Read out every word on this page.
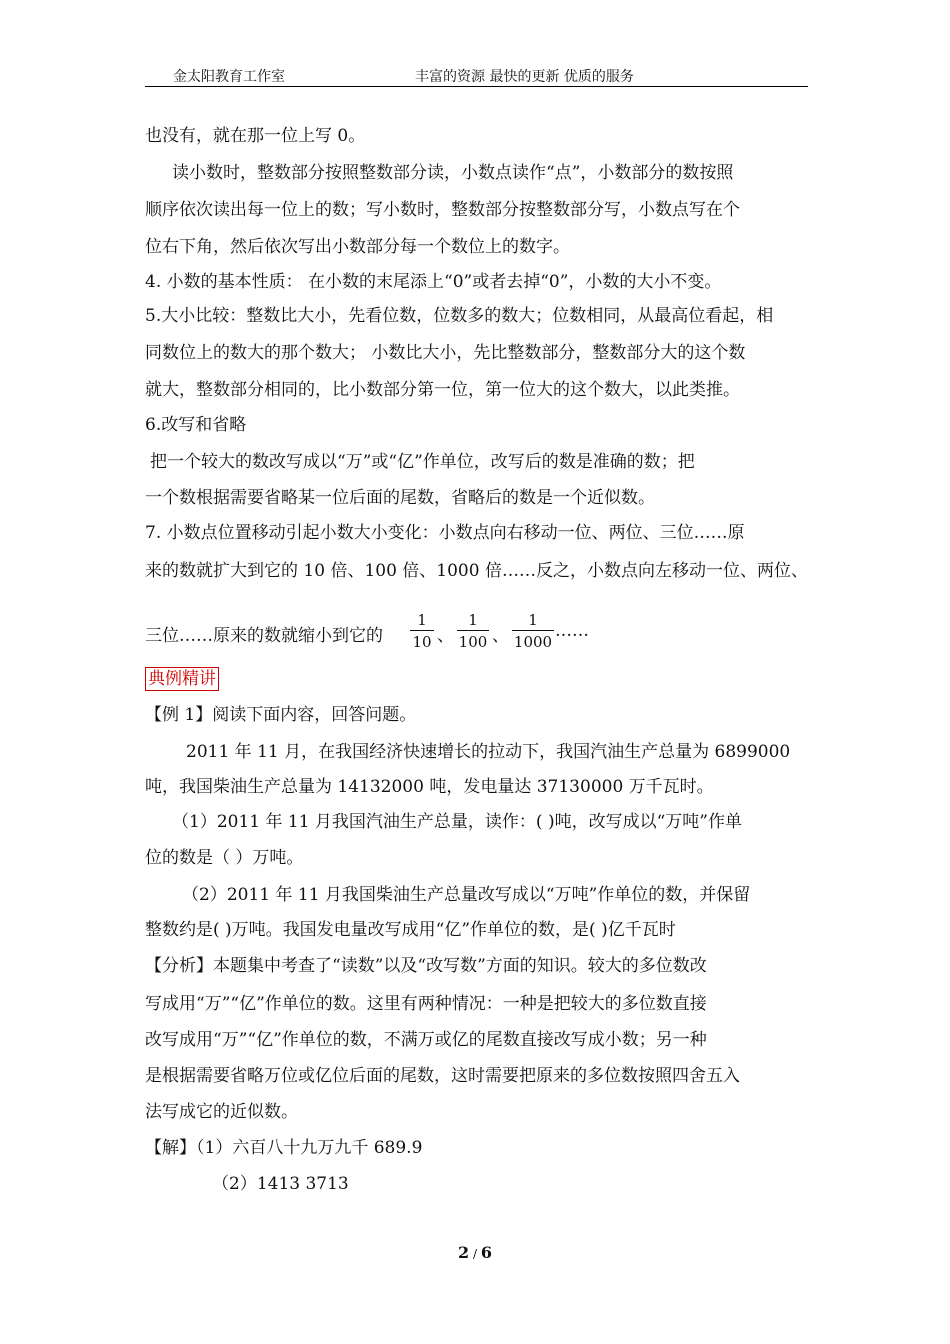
金太阳教育工作室	丰富的资源 最快的更新 优质的服务
也没有，就在那一位上写 0。
读小数时，整数部分按照整数部分读，小数点读作“点”，小数部分的数按照
顺序依次读出每一位上的数；写小数时，整数部分按整数部分写，小数点写在个
位右下角，然后依次写出小数部分每一个数位上的数字。
4. 小数的基本性质： 在小数的末尾添上“0”或者去掉“0”，小数的大小不变。
5.大小比较：整数比大小，先看位数，位数多的数大；位数相同，从最高位看起，相
同数位上的数大的那个数大； 小数比大小，先比整数部分，整数部分大的这个数
就大，整数部分相同的，比小数部分第一位，第一位大的这个数大，以此类推。
6.改写和省略
把一个较大的数改写成以“万”或“亿”作单位，改写后的数是准确的数；把
一个数根据需要省略某一位后面的尾数，省略后的数是一个近似数。
7. 小数点位置移动引起小数大小变化：小数点向右移动一位、两位、三位……原
来的数就扩大到它的 10 倍、100 倍、1000 倍……反之，小数点向左移动一位、两位、
三位……原来的数就缩小到它的
1
10 、
1
100 、
1
1000
……
典例精讲
【例 1】阅读下面内容，回答问题。
2011 年 11 月，在我国经济快速增长的拉动下，我国汽油生产总量为 6899000
吨，我国柴油生产总量为 14132000 吨，发电量达 37130000 万千瓦时。
（1）2011 年 11 月我国汽油生产总量，读作：( )吨，改写成以“万吨”作单
位的数是（ ）万吨。
（2）2011 年 11 月我国柴油生产总量改写成以“万吨”作单位的数，并保留
整数约是( )万吨。我国发电量改写成用“亿”作单位的数，是( )亿千瓦时
【分析】本题集中考查了“读数”以及“改写数”方面的知识。较大的多位数改
写成用“万”“亿”作单位的数。这里有两种情况：一种是把较大的多位数直接
改写成用“万”“亿”作单位的数，不满万或亿的尾数直接改写成小数；另一种
是根据需要省略万位或亿位后面的尾数，这时需要把原来的多位数按照四舍五入
法写成它的近似数。
【解】（1）六百八十九万九千 689.9
（2）1413 3713
2 / 6
